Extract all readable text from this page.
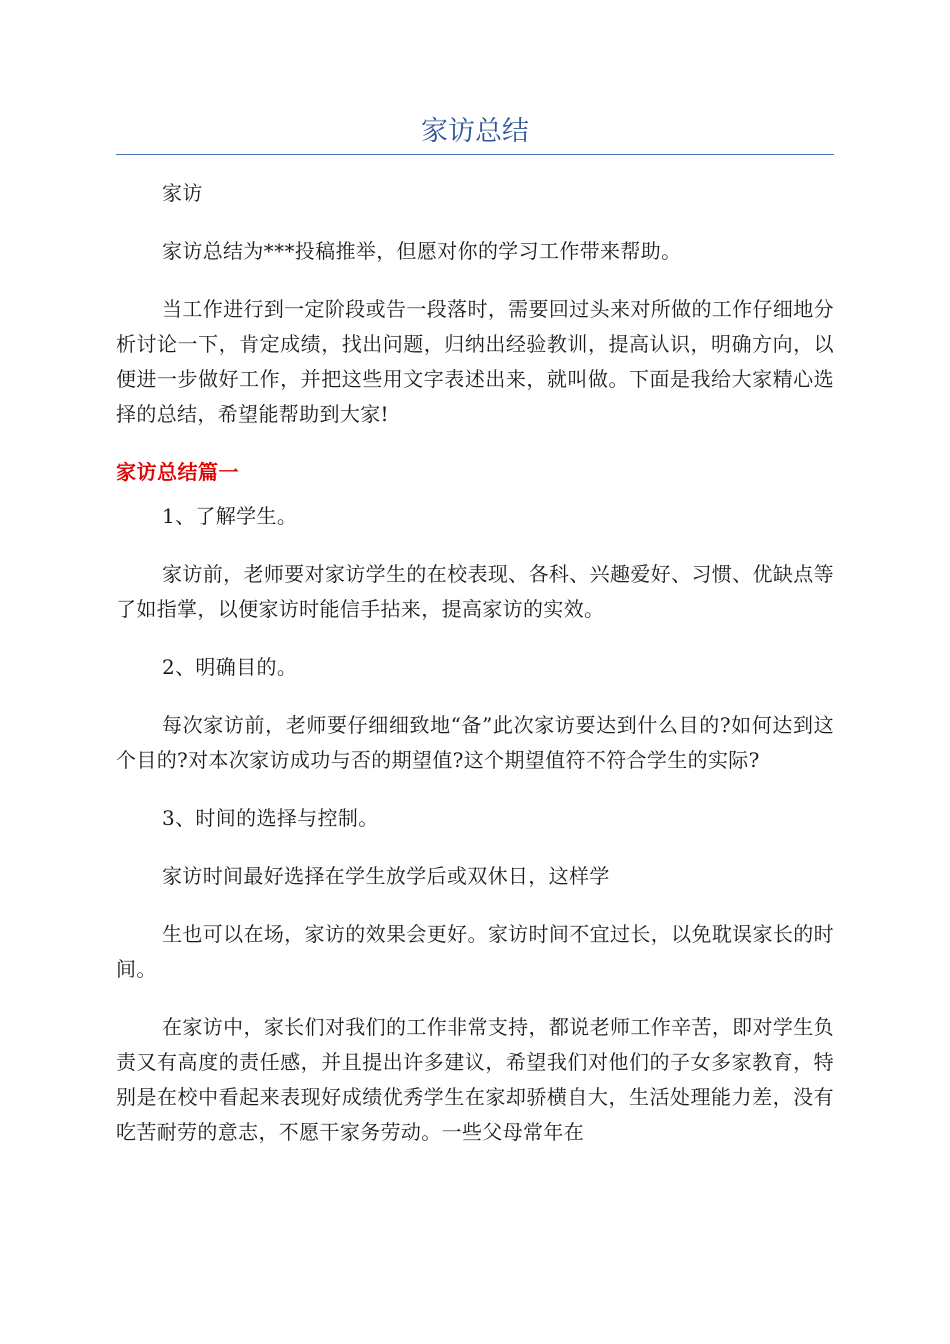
家访总结

家访

家访总结为***投稿推举，但愿对你的学习工作带来帮助。

当工作进行到一定阶段或告一段落时，需要回过头来对所做的工作仔细地分析讨论一下，肯定成绩，找出问题，归纳出经验教训，提高认识，明确方向，以便进一步做好工作，并把这些用文字表述出来，就叫做。下面是我给大家精心选择的总结，希望能帮助到大家!

家访总结篇一

1、了解学生。

家访前，老师要对家访学生的在校表现、各科、兴趣爱好、习惯、优缺点等了如指掌，以便家访时能信手拈来，提高家访的实效。

2、明确目的。

每次家访前，老师要仔细细致地“备”此次家访要达到什么目的?如何达到这个目的?对本次家访成功与否的期望值?这个期望值符不符合学生的实际?

3、时间的选择与控制。

家访时间最好选择在学生放学后或双休日，这样学

生也可以在场，家访的效果会更好。家访时间不宜过长，以免耽误家长的时间。

在家访中，家长们对我们的工作非常支持，都说老师工作辛苦，即对学生负责又有高度的责任感，并且提出许多建议，希望我们对他们的子女多家教育，特别是在校中看起来表现好成绩优秀学生在家却骄横自大，生活处理能力差，没有吃苦耐劳的意志，不愿干家务劳动。一些父母常年在
